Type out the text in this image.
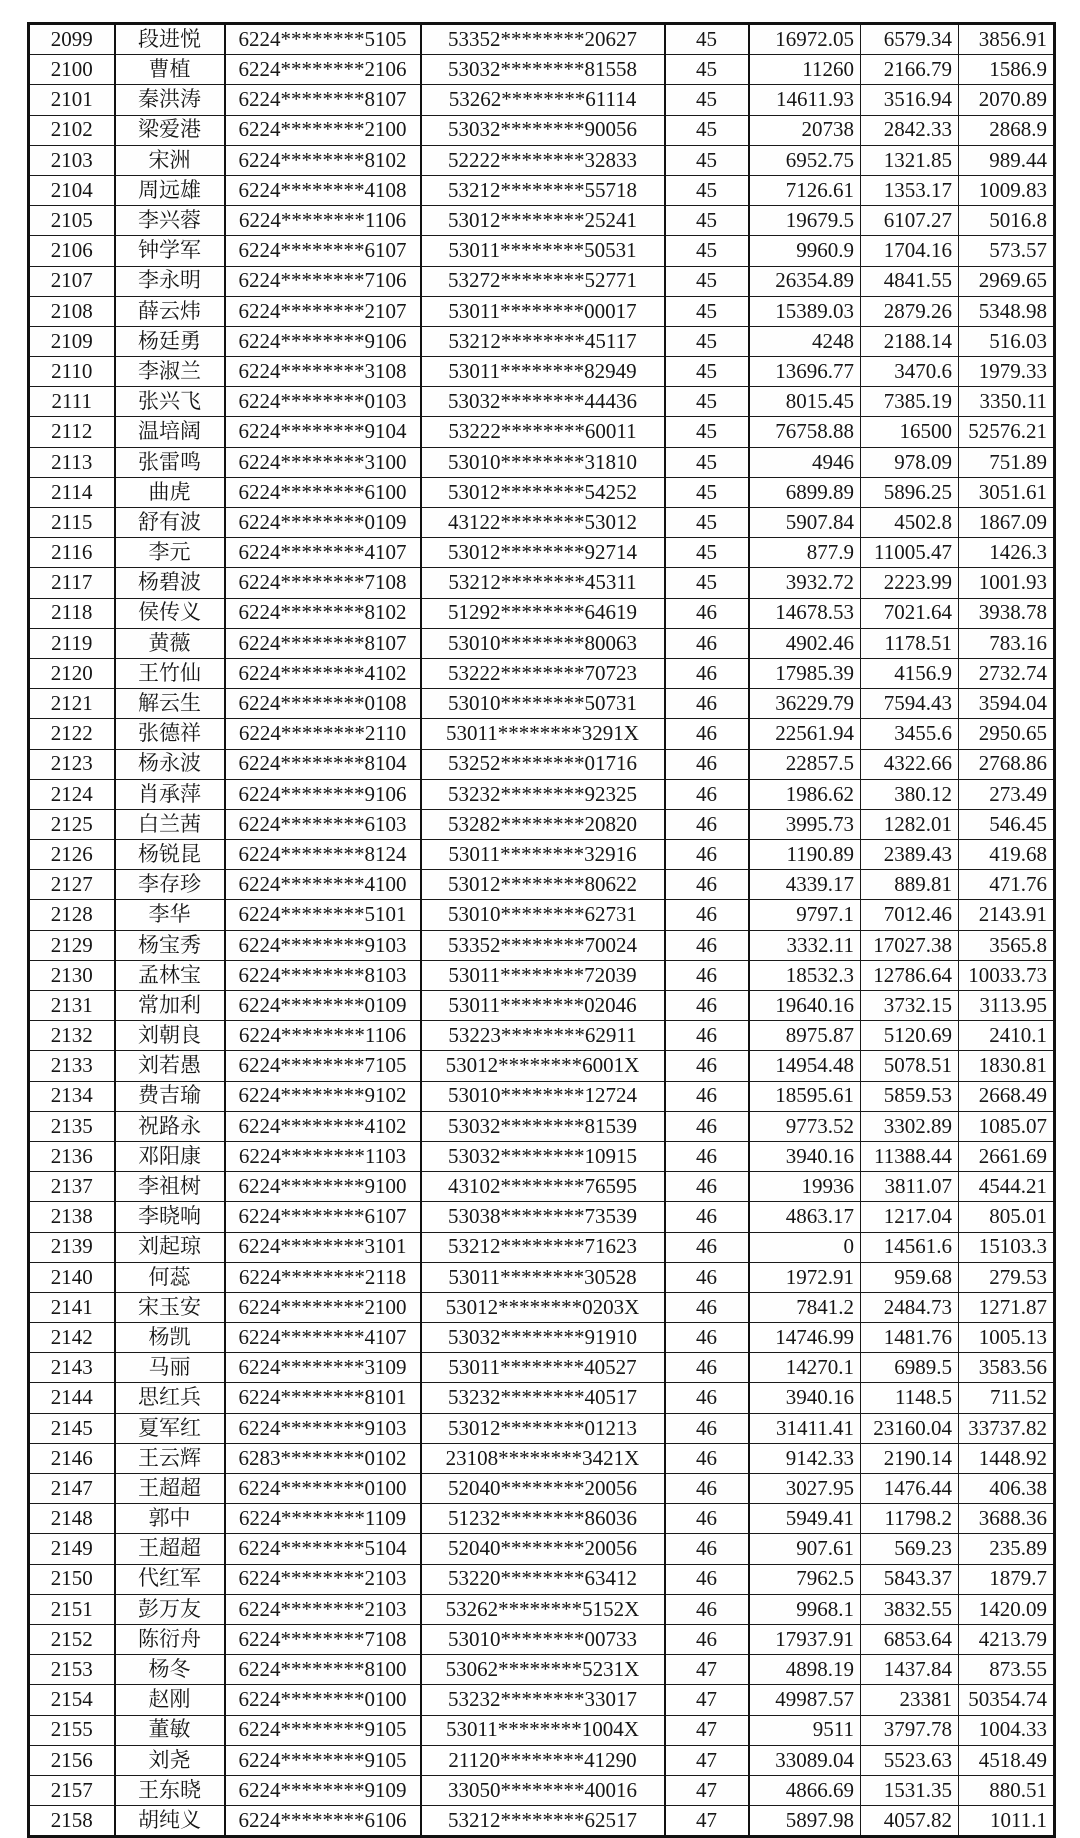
2099	段进悦	6224********5105	53352********20627	45	16972.05	6579.34	3856.91
2100	曹植	6224********2106	53032********81558	45	11260	2166.79	1586.9
2101	秦洪涛	6224********8107	53262********61114	45	14611.93	3516.94	2070.89
2102	梁爱港	6224********2100	53032********90056	45	20738	2842.33	2868.9
2103	宋洲	6224********8102	52222********32833	45	6952.75	1321.85	989.44
2104	周远雄	6224********4108	53212********55718	45	7126.61	1353.17	1009.83
2105	李兴蓉	6224********1106	53012********25241	45	19679.5	6107.27	5016.8
2106	钟学军	6224********6107	53011********50531	45	9960.9	1704.16	573.57
2107	李永明	6224********7106	53272********52771	45	26354.89	4841.55	2969.65
2108	薛云炜	6224********2107	53011********00017	45	15389.03	2879.26	5348.98
2109	杨廷勇	6224********9106	53212********45117	45	4248	2188.14	516.03
2110	李淑兰	6224********3108	53011********82949	45	13696.77	3470.6	1979.33
2111	张兴飞	6224********0103	53032********44436	45	8015.45	7385.19	3350.11
2112	温培阔	6224********9104	53222********60011	45	76758.88	16500	52576.21
2113	张雷鸣	6224********3100	53010********31810	45	4946	978.09	751.89
2114	曲虎	6224********6100	53012********54252	45	6899.89	5896.25	3051.61
2115	舒有波	6224********0109	43122********53012	45	5907.84	4502.8	1867.09
2116	李元	6224********4107	53012********92714	45	877.9	11005.47	1426.3
2117	杨碧波	6224********7108	53212********45311	45	3932.72	2223.99	1001.93
2118	侯传义	6224********8102	51292********64619	46	14678.53	7021.64	3938.78
2119	黄薇	6224********8107	53010********80063	46	4902.46	1178.51	783.16
2120	王竹仙	6224********4102	53222********70723	46	17985.39	4156.9	2732.74
2121	解云生	6224********0108	53010********50731	46	36229.79	7594.43	3594.04
2122	张德祥	6224********2110	53011********3291X	46	22561.94	3455.6	2950.65
2123	杨永波	6224********8104	53252********01716	46	22857.5	4322.66	2768.86
2124	肖承萍	6224********9106	53232********92325	46	1986.62	380.12	273.49
2125	白兰茜	6224********6103	53282********20820	46	3995.73	1282.01	546.45
2126	杨锐昆	6224********8124	53011********32916	46	1190.89	2389.43	419.68
2127	李存珍	6224********4100	53012********80622	46	4339.17	889.81	471.76
2128	李华	6224********5101	53010********62731	46	9797.1	7012.46	2143.91
2129	杨宝秀	6224********9103	53352********70024	46	3332.11	17027.38	3565.8
2130	孟林宝	6224********8103	53011********72039	46	18532.3	12786.64	10033.73
2131	常加利	6224********0109	53011********02046	46	19640.16	3732.15	3113.95
2132	刘朝良	6224********1106	53223********62911	46	8975.87	5120.69	2410.1
2133	刘若愚	6224********7105	53012********6001X	46	14954.48	5078.51	1830.81
2134	费吉瑜	6224********9102	53010********12724	46	18595.61	5859.53	2668.49
2135	祝路永	6224********4102	53032********81539	46	9773.52	3302.89	1085.07
2136	邓阳康	6224********1103	53032********10915	46	3940.16	11388.44	2661.69
2137	李祖树	6224********9100	43102********76595	46	19936	3811.07	4544.21
2138	李晓响	6224********6107	53038********73539	46	4863.17	1217.04	805.01
2139	刘起琼	6224********3101	53212********71623	46	0	14561.6	15103.3
2140	何蕊	6224********2118	53011********30528	46	1972.91	959.68	279.53
2141	宋玉安	6224********2100	53012********0203X	46	7841.2	2484.73	1271.87
2142	杨凯	6224********4107	53032********91910	46	14746.99	1481.76	1005.13
2143	马丽	6224********3109	53011********40527	46	14270.1	6989.5	3583.56
2144	思红兵	6224********8101	53232********40517	46	3940.16	1148.5	711.52
2145	夏军红	6224********9103	53012********01213	46	31411.41	23160.04	33737.82
2146	王云辉	6283********0102	23108********3421X	46	9142.33	2190.14	1448.92
2147	王超超	6224********0100	52040********20056	46	3027.95	1476.44	406.38
2148	郭中	6224********1109	51232********86036	46	5949.41	11798.2	3688.36
2149	王超超	6224********5104	52040********20056	46	907.61	569.23	235.89
2150	代红军	6224********2103	53220********63412	46	7962.5	5843.37	1879.7
2151	彭万友	6224********2103	53262********5152X	46	9968.1	3832.55	1420.09
2152	陈衍舟	6224********7108	53010********00733	46	17937.91	6853.64	4213.79
2153	杨冬	6224********8100	53062********5231X	47	4898.19	1437.84	873.55
2154	赵刚	6224********0100	53232********33017	47	49987.57	23381	50354.74
2155	董敏	6224********9105	53011********1004X	47	9511	3797.78	1004.33
2156	刘尧	6224********9105	21120********41290	47	33089.04	5523.63	4518.49
2157	王东晓	6224********9109	33050********40016	47	4866.69	1531.35	880.51
2158	胡纯义	6224********6106	53212********62517	47	5897.98	4057.82	1011.1
